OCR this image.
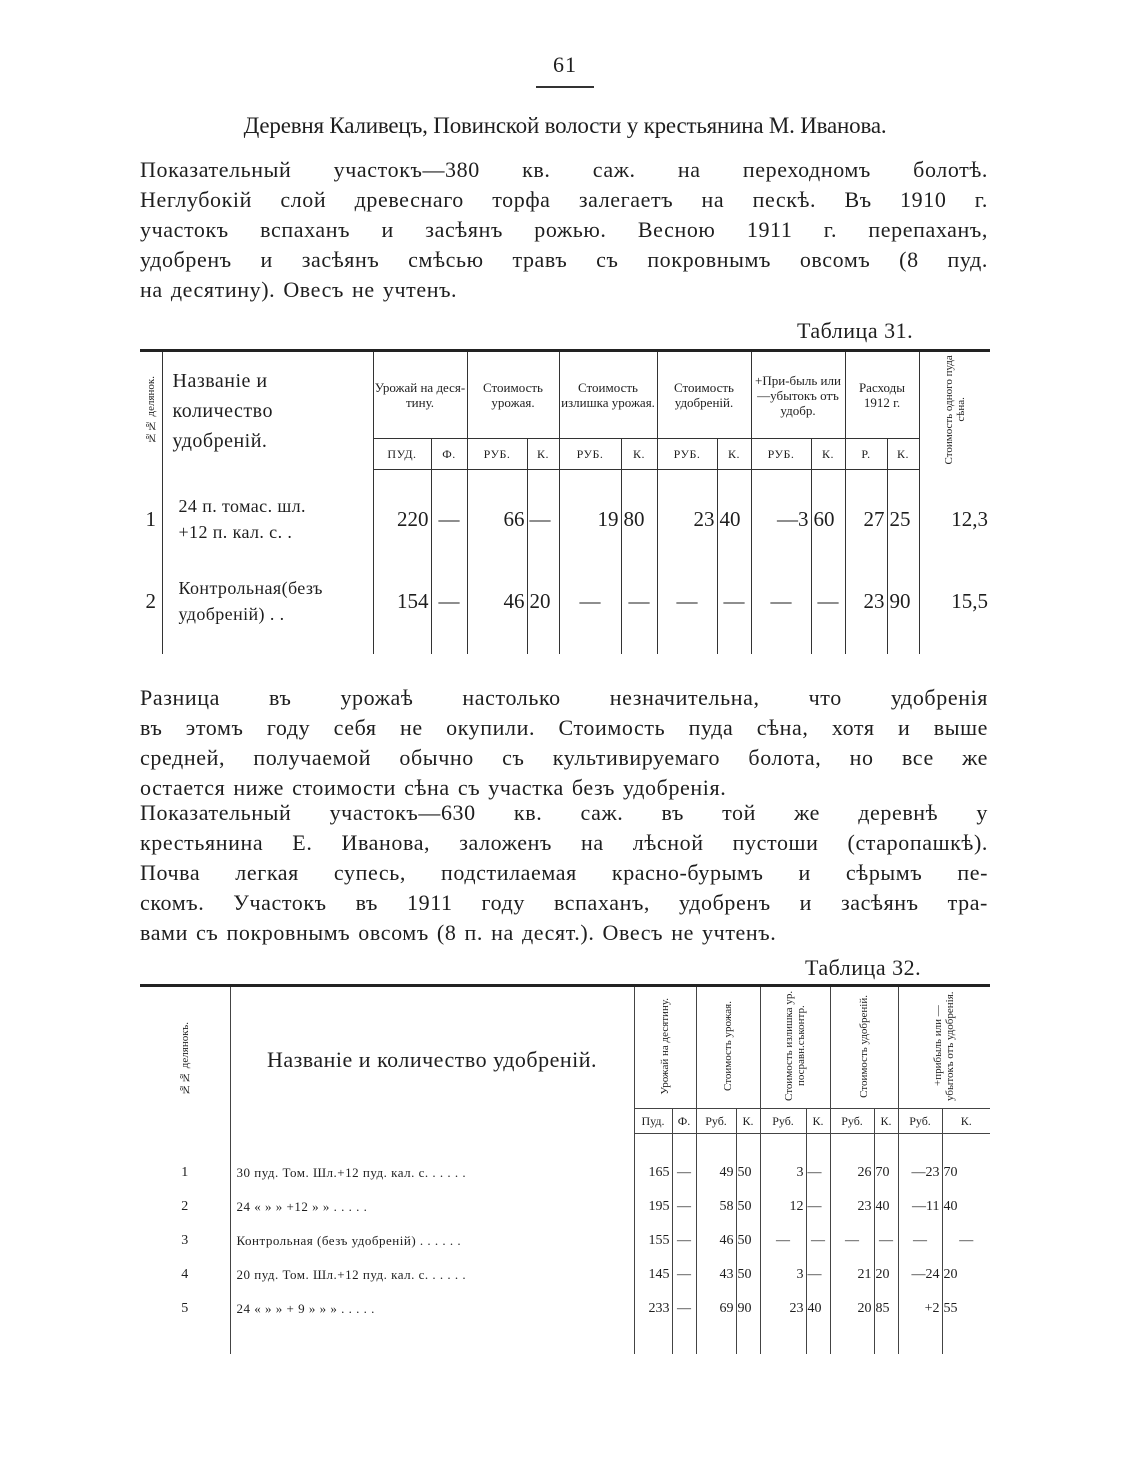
61
Деревня Каливецъ, Повинской волости у крестьянина М. Иванова.
Показательный участокъ—380 кв. саж. на переходномъ болотѣ.
Неглубокій слой древеснаго торфа залегаетъ на пескѣ. Въ 1910 г.
участокъ вспаханъ и засѣянъ рожью. Весною 1911 г. перепаханъ,
удобренъ и засѣянъ смѣсью травъ съ покровнымъ овсомъ (8 пуд.
на десятину). Овесъ не учтенъ.
Таблица 31.
№№ делянок.	Названіе и количество удобреній.	Урожай на деся-тину.		Стоимость урожая.		Стоимость излишка урожая.		Стоимость удобреній.		+При-быль или —убытокъ отъ удобр.		Расходы 1912 г.		Стоимость одного пуда сѣна.
		ПУД.	Ф.	РУБ.	К.	РУБ.	К.	РУБ.	К.	РУБ.	К.	Р.	К.	

1	24 п. томас. шл.
+12 п. кал. с. .	220	—	66	—	19	80	23	40	—3	60	27	25	12,3
2	Контрольная(безъ
удобреній) . .	154	—	46	20	—	—	—	—	—	—	23	90	15,5

Разница въ урожаѣ настолько незначительна, что удобренія
въ этомъ году себя не окупили. Стоимость пуда сѣна, хотя и выше
средней, получаемой обычно съ культивируемаго болота, но все же
остается ниже стоимости сѣна съ участка безъ удобренія.
Показательный участокъ—630 кв. саж. въ той же деревнѣ у
крестьянина Е. Иванова, заложенъ на лѣсной пустоши (старопашкѣ).
Почва легкая супесь, подстилаемая красно-бурымъ и сѣрымъ пе-
скомъ. Участокъ въ 1911 году вспаханъ, удобренъ и засѣянъ тра-
вами съ покровнымъ овсомъ (8 п. на десят.). Овесъ не учтенъ.
Таблица 32.
№№ делянокъ.	Названіе и количество удобреній.	Урожай на десятину.		Стоимость урожая.		Стоимость излишка ур. посравн.съконтр.		Стоимость удобреній.		+прибыль или —убытокъ отъ удобренія.	
		Пуд.	Ф.	Руб.	К.	Руб.	К.	Руб.	К.	Руб.	К.

1	30 пуд. Том. Шл.+12 пуд. кал. с. . . . . .	165	—	49	50	3	—	26	70	—23	70
2	24 « » » +12 » » . . . . .	195	—	58	50	12	—	23	40	—11	40
3	Контрольная (безъ удобреній) . . . . . .	155	—	46	50	—	—	—	—	—	—
4	20 пуд. Том. Шл.+12 пуд. кал. с. . . . . .	145	—	43	50	3	—	21	20	—24	20
5	24 « » » + 9 » » » . . . . .	233	—	69	90	23	40	20	85	+2	55
